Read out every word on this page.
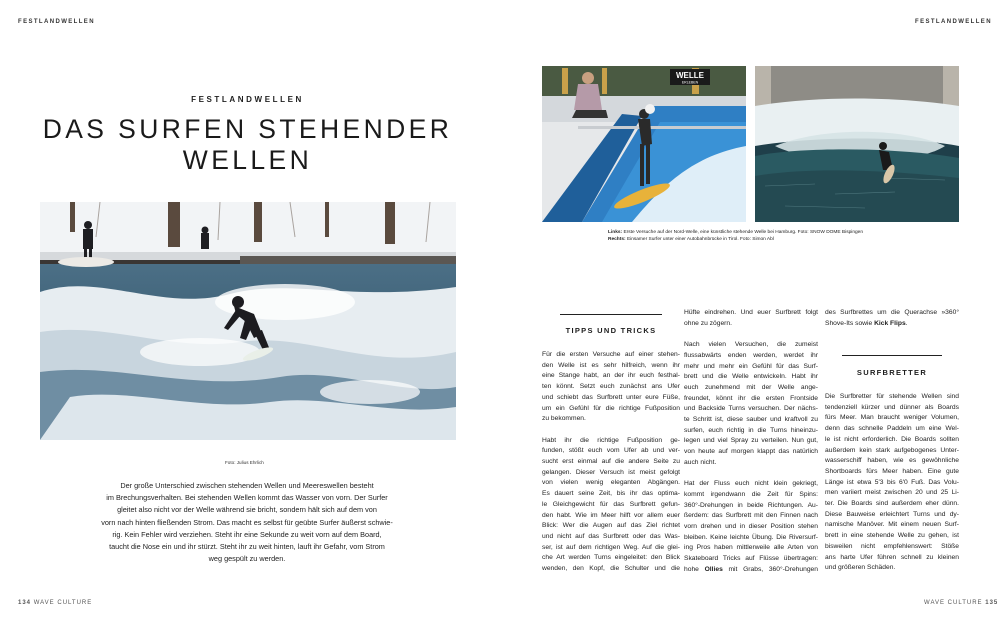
FESTLANDWELLEN
FESTLANDWELLEN
DAS SURFEN STEHENDER
WELLEN
Foto: Julius Ehrlich
Der große Unterschied zwischen stehenden Wellen und Meereswellen besteht
im Brechungsverhalten. Bei stehenden Wellen kommt das Wasser von vorn. Der Surfer
gleitet also nicht vor der Welle während sie bricht, sondern hält sich auf dem von
vorn nach hinten fließenden Strom. Das macht es selbst für geübte Surfer äußerst schwie-
rig. Kein Fehler wird verziehen. Steht ihr eine Sekunde zu weit vorn auf dem Board,
taucht die Nose ein und ihr stürzt. Steht ihr zu weit hinten, lauft ihr Gefahr, vom Strom
weg gespült zu werden.
134 WAVE CULTURE
FESTLANDWELLEN
WELLE
ERLEBEN
Links: Erste Versuche auf der Nord-Welle, eine künstliche stehende Welle bei Hamburg. Foto: SNOW DOME Bispingen
Rechts: Einsamer Surfer unter einer Autobahnbrücke in Tirol. Foto: Simon Abl
TIPPS UND TRICKS

Für die ersten Versuche auf einer stehen-
den Welle ist es sehr hilfreich, wenn ihr
eine Stange habt, an der ihr euch festhal-
ten könnt. Setzt euch zunächst ans Ufer
und schiebt das Surfbrett unter eure Füße,
um ein Gefühl für die richtige Fußposition
zu bekommen.

Habt ihr die richtige Fußposition ge-
funden, stößt euch vom Ufer ab und ver-
sucht erst einmal auf die andere Seite zu
gelangen. Dieser Versuch ist meist gefolgt
von vielen wenig eleganten Abgängen.
Es dauert seine Zeit, bis ihr das optima-
le Gleichgewicht für das Surfbrett gefun-
den habt. Wie im Meer hilft vor allem euer
Blick: Wer die Augen auf das Ziel richtet
und nicht auf das Surfbrett oder das Was-
ser, ist auf dem richtigen Weg. Auf die glei-
che Art werden Turns eingeleitet: den Blick
wenden, den Kopf, die Schulter und die

Hüfte eindrehen. Und euer Surfbrett folgt
ohne zu zögern.

Nach vielen Versuchen, die zumeist
flussabwärts enden werden, werdet ihr
mehr und mehr ein Gefühl für das Surf-
brett und die Welle entwickeln. Habt ihr
euch zunehmend mit der Welle ange-
freundet, könnt ihr die ersten Frontside
und Backside Turns versuchen. Der nächs-
te Schritt ist, diese sauber und kraftvoll zu
surfen, euch richtig in die Turns hineinzu-
legen und viel Spray zu verteilen. Nun gut,
von heute auf morgen klappt das natürlich
auch nicht.

Hat der Fluss euch nicht klein gekriegt,
kommt irgendwann die Zeit für Spins:
360°-Drehungen in beide Richtungen. Au-
ßerdem: das Surfbrett mit den Finnen nach
vorn drehen und in dieser Position stehen
bleiben. Keine leichte Übung. Die Riversurf-
ing Pros haben mittlerweile alle Arten von
Skateboard Tricks auf Flüsse übertragen:
hohe Ollies mit Grabs, 360°-Drehungen

des Surfbrettes um die Querachse »360°
Shove-Its sowie Kick Flips.

SURFBRETTER

Die Surfbretter für stehende Wellen sind
tendenziell kürzer und dünner als Boards
fürs Meer. Man braucht weniger Volumen,
denn das schnelle Paddeln um eine Wel-
le ist nicht erforderlich. Die Boards sollten
außerdem kein stark aufgebogenes Unter-
wasserschiff haben, wie es gewöhnliche
Shortboards fürs Meer haben. Eine gute
Länge ist etwa 5'3 bis 6'0 Fuß. Das Volu-
men variiert meist zwischen 20 und 25 Li-
ter. Die Boards sind außerdem eher dünn.
Diese Bauweise erleichtert Turns und dy-
namische Manöver. Mit einem neuen Surf-
brett in eine stehende Welle zu gehen, ist
bisweilen nicht empfehlenswert: Stöße
ans harte Ufer führen schnell zu kleinen
und größeren Schäden.

WAVE CULTURE 135
